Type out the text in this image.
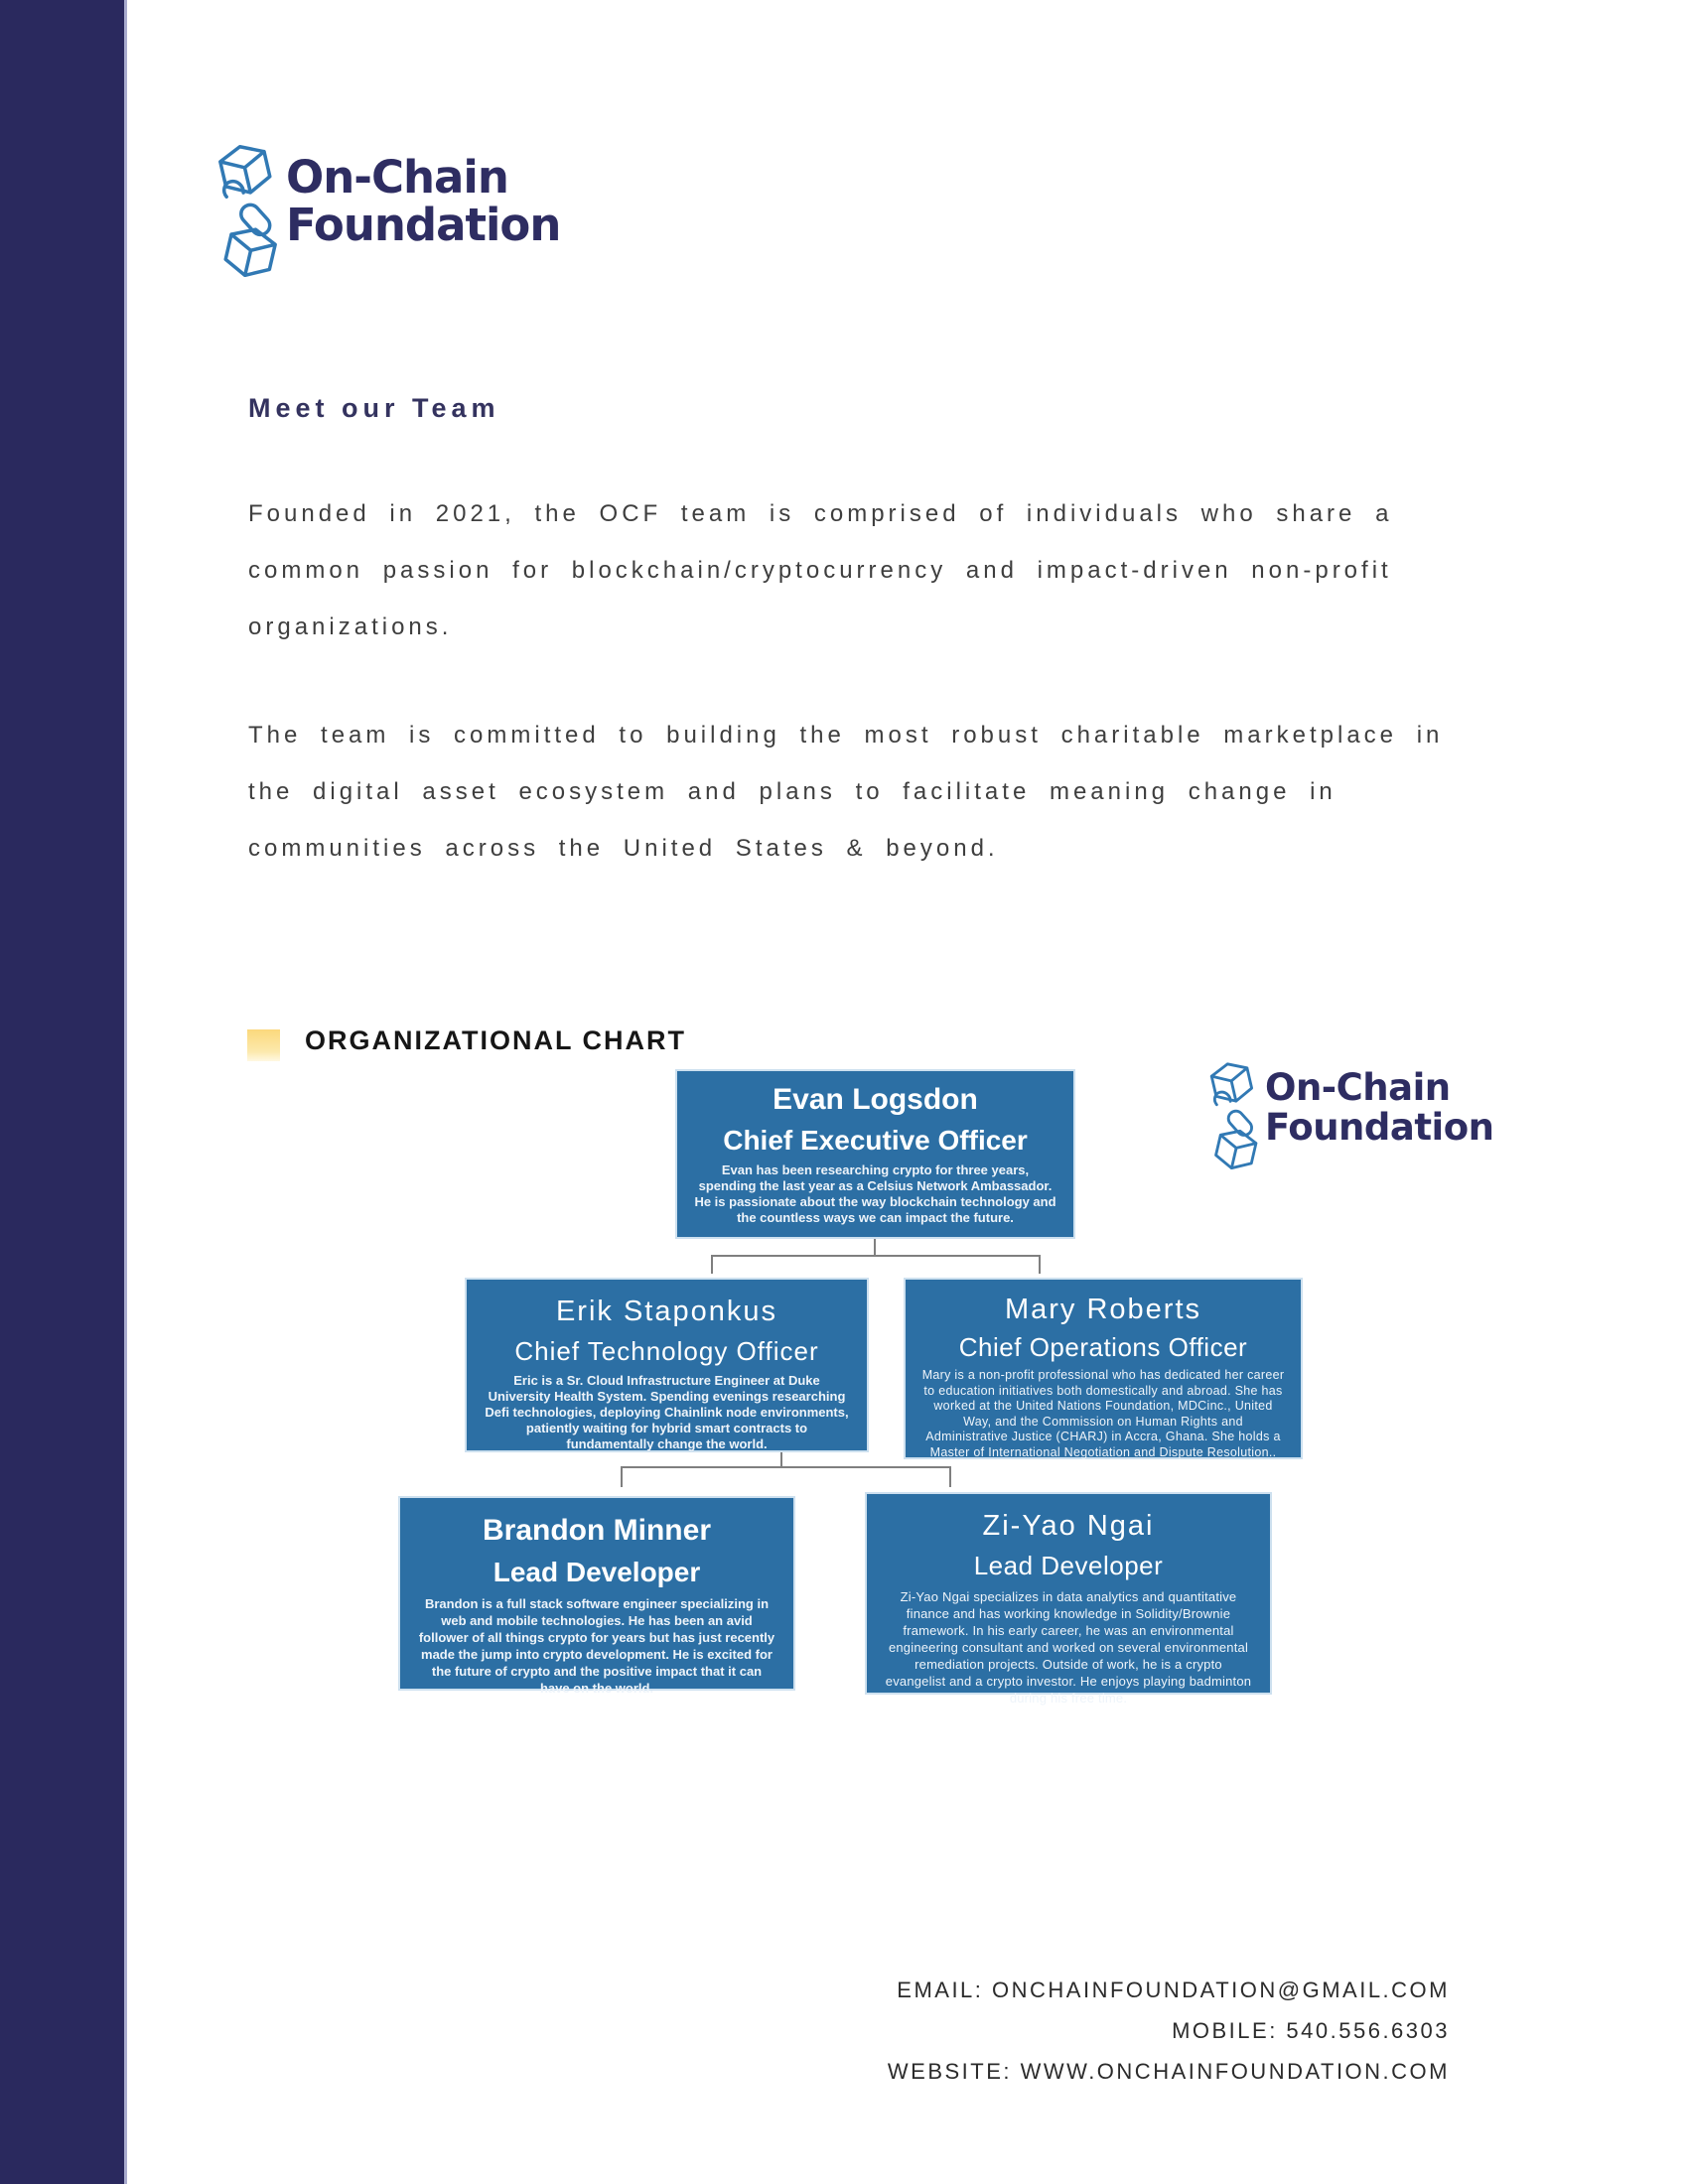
On-Chain
Foundation
Meet our Team
Founded in 2021, the OCF team is comprised of individuals who share a
common passion for blockchain/cryptocurrency and impact-driven non-profit
organizations.
The team is committed to building the most robust charitable marketplace in
the digital asset ecosystem and plans to facilitate meaning change in
communities across the United States & beyond.
ORGANIZATIONAL CHART
On-Chain
Foundation
Evan Logsdon
Chief Executive Officer
Evan has been researching crypto for three years, spending the last year as a Celsius Network Ambassador. He is passionate about the way blockchain technology and the countless ways we can impact the future.
Erik Staponkus
Chief Technology Officer
Eric is a Sr. Cloud Infrastructure Engineer at Duke University Health System. Spending evenings researching Defi technologies, deploying Chainlink node environments, patiently waiting for hybrid smart contracts to fundamentally change the world.
Mary Roberts
Chief Operations Officer
Mary is a non-profit professional who has dedicated her career to education initiatives both domestically and abroad. She has worked at the United Nations Foundation, MDCinc., United Way, and the Commission on Human Rights and Administrative Justice (CHARJ) in Accra, Ghana. She holds a Master of International Negotiation and Dispute Resolution..
Brandon Minner
Lead Developer
Brandon is a full stack software engineer specializing in web and mobile technologies. He has been an avid follower of all things crypto for years but has just recently made the jump into crypto development. He is excited for the future of crypto and the positive impact that it can have on the world.
Zi-Yao Ngai
Lead Developer
Zi-Yao Ngai specializes in data analytics and quantitative finance and has working knowledge in Solidity/Brownie framework. In his early career, he was an environmental engineering consultant and worked on several environmental remediation projects. Outside of work, he is a crypto evangelist and a crypto investor. He enjoys playing badminton during his free time.
EMAIL: ONCHAINFOUNDATION@GMAIL.COM
MOBILE: 540.556.6303
WEBSITE: WWW.ONCHAINFOUNDATION.COM
